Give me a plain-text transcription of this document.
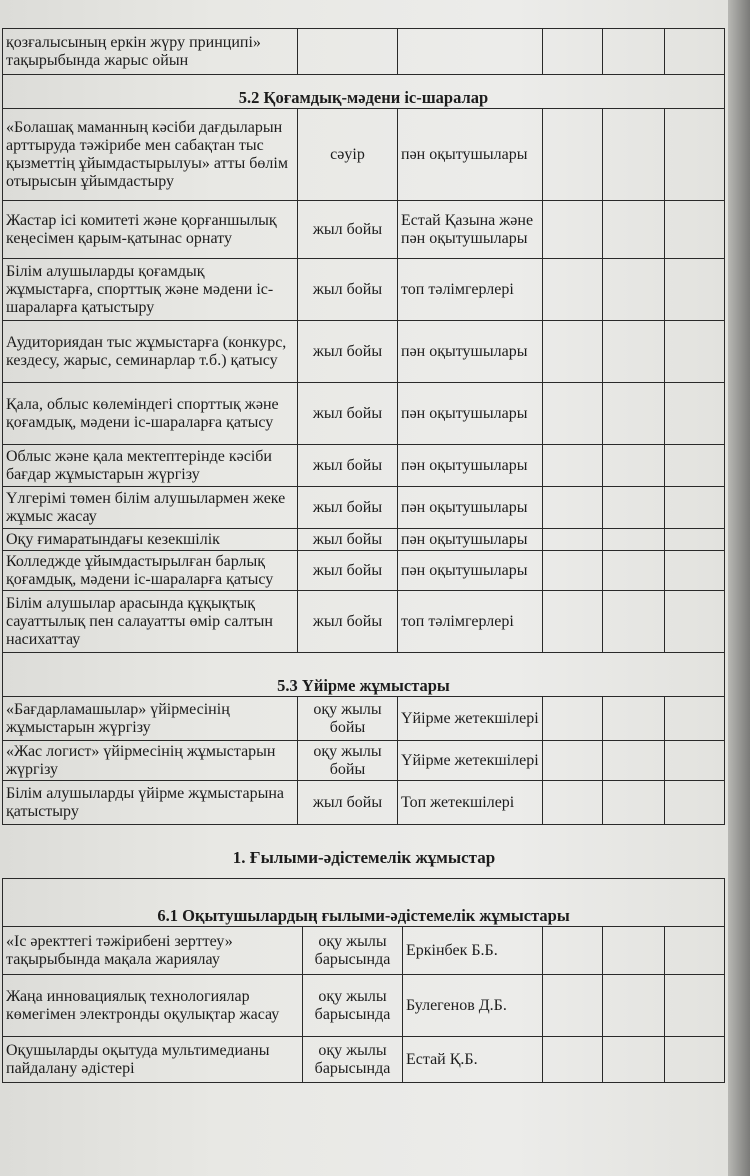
қозғалысының еркін жүру принципі» тақырыбында жарыс ойын					
5.2 Қоғамдық-мәдени іс-шаралар					
«Болашақ маманның кәсіби дағдыларын арттыруда тәжірибе мен сабақтан тыс қызметтің ұйымдастырылуы» атты бөлім отырысын ұйымдастыру	сәуір	пән оқытушылары			
Жастар ісі комитеті және қорғаншылық кеңесімен қарым-қатынас орнату	жыл бойы	Естай Қазына және пән оқытушылары			
Білім алушыларды қоғамдық жұмыстарға, спорттық және мәдени іс-шараларға қатыстыру	жыл бойы	топ тәлімгерлері			
Аудиториядан тыс жұмыстарға (конкурс, кездесу, жарыс, семинарлар т.б.) қатысу	жыл бойы	пән оқытушылары			
Қала, облыс көлеміндегі спорттық және қоғамдық, мәдени іс-шараларға қатысу	жыл бойы	пән оқытушылары			
Облыс және қала мектептерінде кәсіби бағдар жұмыстарын жүргізу	жыл бойы	пән оқытушылары			
Үлгерімі төмен білім алушылармен жеке жұмыс жасау	жыл бойы	пән оқытушылары			
Оқу ғимаратындағы кезекшілік	жыл бойы	пән оқытушылары			
Колледжде ұйымдастырылған барлық қоғамдық, мәдени іс-шараларға қатысу	жыл бойы	пән оқытушылары			
Білім алушылар арасында құқықтық сауаттылық пен салауатты өмір салтын насихаттау	жыл бойы	топ тәлімгерлері			
5.3 Үйірме жұмыстары					
«Бағдарламашылар» үйірмесінің жұмыстарын жүргізу	оқу жылы бойы	Үйірме жетекшілері			
«Жас логист» үйірмесінің жұмыстарын жүргізу	оқу жылы бойы	Үйірме жетекшілері			
Білім алушыларды үйірме жұмыстарына қатыстыру	жыл бойы	Топ жетекшілері			
1. Ғылыми-әдістемелік жұмыстар
6.1 Оқытушылардың ғылыми-әдістемелік жұмыстары					
«Іс әректтегі тәжірибені зерттеу» тақырыбында мақала жариялау	оқу жылы барысында	Еркінбек Б.Б.			
Жаңа инновациялық технологиялар көмегімен электронды оқулықтар жасау	оқу жылы барысында	Булегенов Д.Б.			
Оқушыларды оқытуда мультимедианы пайдалану әдістері	оқу жылы барысында	Естай Қ.Б.			
